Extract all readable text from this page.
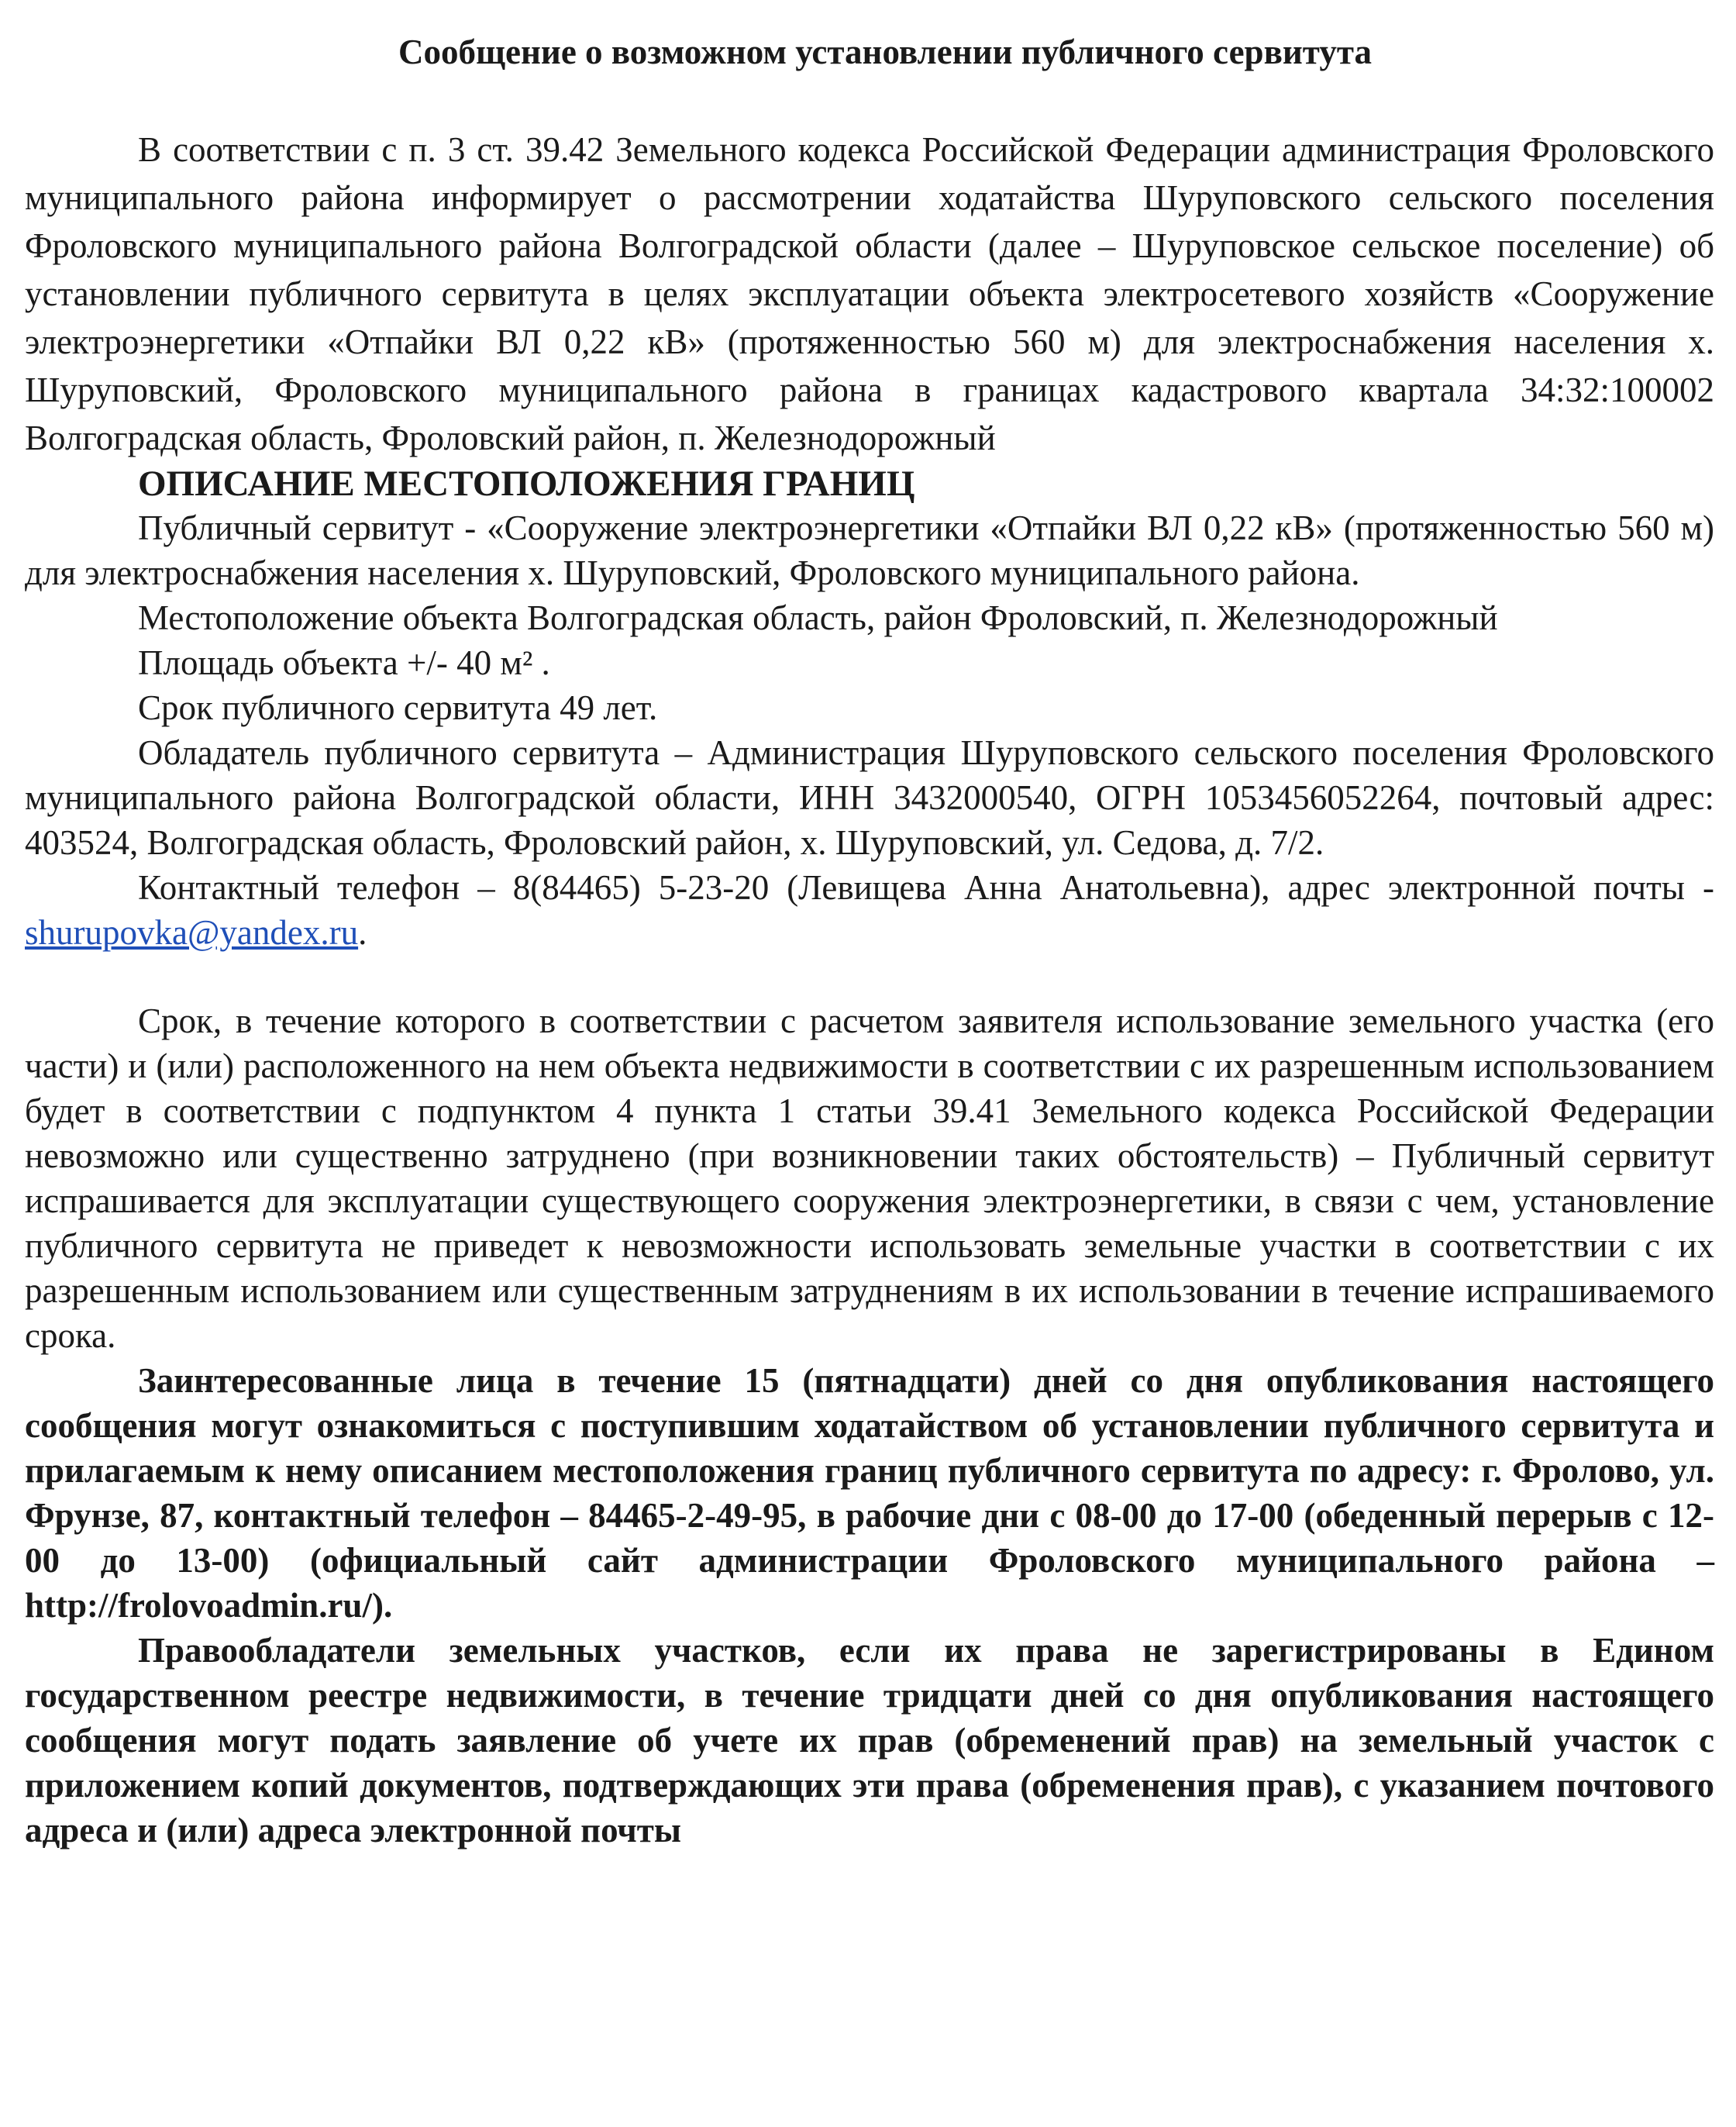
Сообщение о возможном установлении публичного сервитута

В соответствии с п. 3 ст. 39.42 Земельного кодекса Российской Федерации администрация Фроловского муниципального района информирует о рассмотрении ходатайства Шуруповского сельского поселения Фроловского муниципального района Волгоградской области (далее – Шуруповское сельское поселение) об установлении публичного сервитута в целях эксплуатации объекта электросетевого хозяйств «Сооружение электроэнергетики «Отпайки ВЛ 0,22 кВ» (протяженностью 560 м) для электроснабжения населения х. Шуруповский, Фроловского муниципального района в границах кадастрового квартала 34:32:100002 Волгоградская область, Фроловский район, п. Железнодорожный

ОПИСАНИЕ МЕСТОПОЛОЖЕНИЯ ГРАНИЦ

Публичный сервитут - «Сооружение электроэнергетики «Отпайки ВЛ 0,22 кВ» (протяженностью 560 м) для электроснабжения населения х. Шуруповский, Фроловского муниципального района.

Местоположение объекта Волгоградская область, район Фроловский, п. Железнодорожный

Площадь объекта +/- 40 м² .

Срок публичного сервитута 49 лет.

Обладатель публичного сервитута – Администрация Шуруповского сельского поселения Фроловского муниципального района Волгоградской области, ИНН 3432000540, ОГРН 1053456052264, почтовый адрес: 403524, Волгоградская область, Фроловский район, х. Шуруповский, ул. Седова, д. 7/2.

Контактный телефон – 8(84465) 5-23-20 (Левищева Анна Анатольевна), адрес электронной почты - shurupovka@yandex.ru.

Срок, в течение которого в соответствии с расчетом заявителя использование земельного участка (его части) и (или) расположенного на нем объекта недвижимости в соответствии с их разрешенным использованием будет в соответствии с подпунктом 4 пункта 1 статьи 39.41 Земельного кодекса Российской Федерации невозможно или существенно затруднено (при возникновении таких обстоятельств) – Публичный сервитут испрашивается для эксплуатации существующего сооружения электроэнергетики, в связи с чем, установление публичного сервитута не приведет к невозможности использовать земельные участки в соответствии с их разрешенным использованием или существенным затруднениям в их использовании в течение испрашиваемого срока.

Заинтересованные лица в течение 15 (пятнадцати) дней со дня опубликования настоящего сообщения могут ознакомиться с поступившим ходатайством об установлении публичного сервитута и прилагаемым к нему описанием местоположения границ публичного сервитута по адресу: г. Фролово, ул. Фрунзе, 87, контактный телефон – 84465-2-49-95, в рабочие дни с 08-00 до 17-00 (обеденный перерыв с 12-00 до 13-00) (официальный сайт администрации Фроловского муниципального района – http://frolovoadmin.ru/).

Правообладатели земельных участков, если их права не зарегистрированы в Едином государственном реестре недвижимости, в течение тридцати дней со дня опубликования настоящего сообщения могут подать заявление об учете их прав (обременений прав) на земельный участок с приложением копий документов, подтверждающих эти права (обременения прав), с указанием почтового адреса и (или) адреса электронной почты
